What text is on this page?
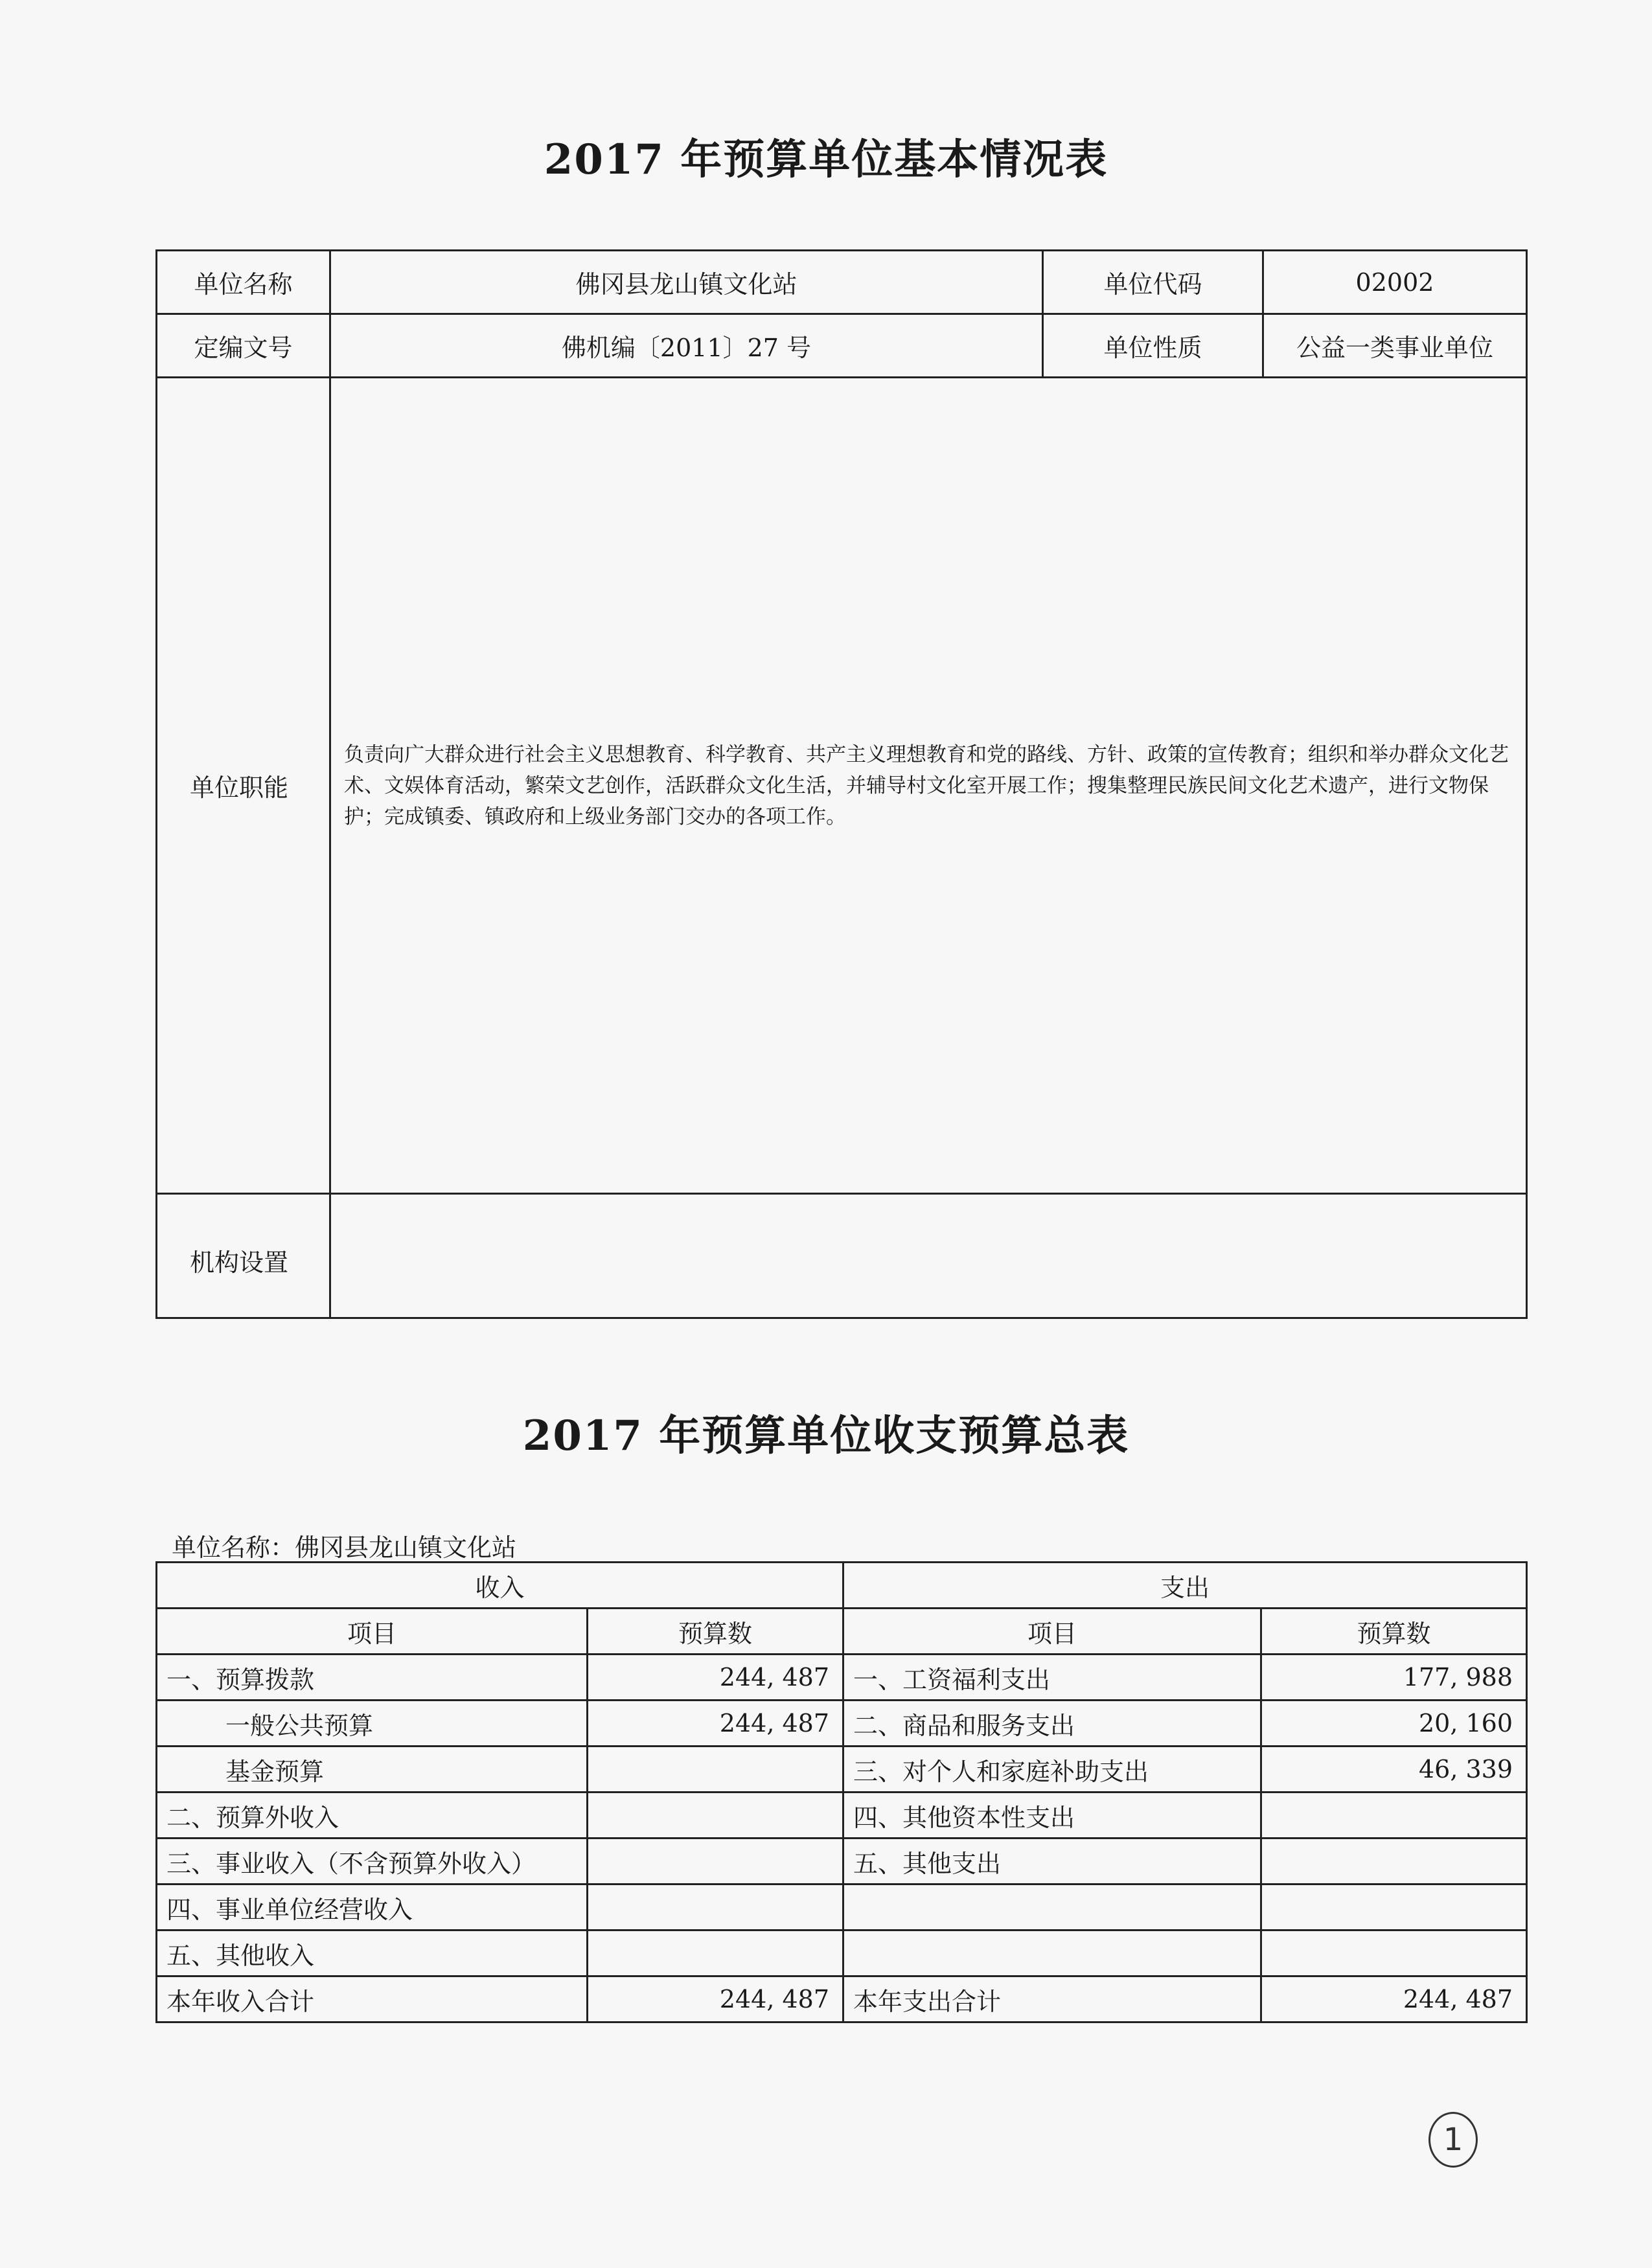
2017 年预算单位基本情况表
单位名称	佛冈县龙山镇文化站	单位代码	02002
定编文号	佛机编〔2011〕27 号	单位性质	公益一类事业单位
单位职能	负责向广大群众进行社会主义思想教育、科学教育、共产主义理想教育和党的路线、方针、政策的宣传教育；组织和举办群众文化艺术、文娱体育活动，繁荣文艺创作，活跃群众文化生活，并辅导村文化室开展工作；搜集整理民族民间文化艺术遗产，进行文物保护；完成镇委、镇政府和上级业务部门交办的各项工作。		
机构设置			
2017 年预算单位收支预算总表
单位名称：佛冈县龙山镇文化站
收入		支出	
项目	预算数	项目	预算数
一、预算拨款	244, 487	一、工资福利支出	177, 988
一般公共预算	244, 487	二、商品和服务支出	20, 160
基金预算		三、对个人和家庭补助支出	46, 339
二、预算外收入		四、其他资本性支出	
三、事业收入（不含预算外收入）		五、其他支出	
四、事业单位经营收入			
五、其他收入			
本年收入合计	244, 487	本年支出合计	244, 487
1
